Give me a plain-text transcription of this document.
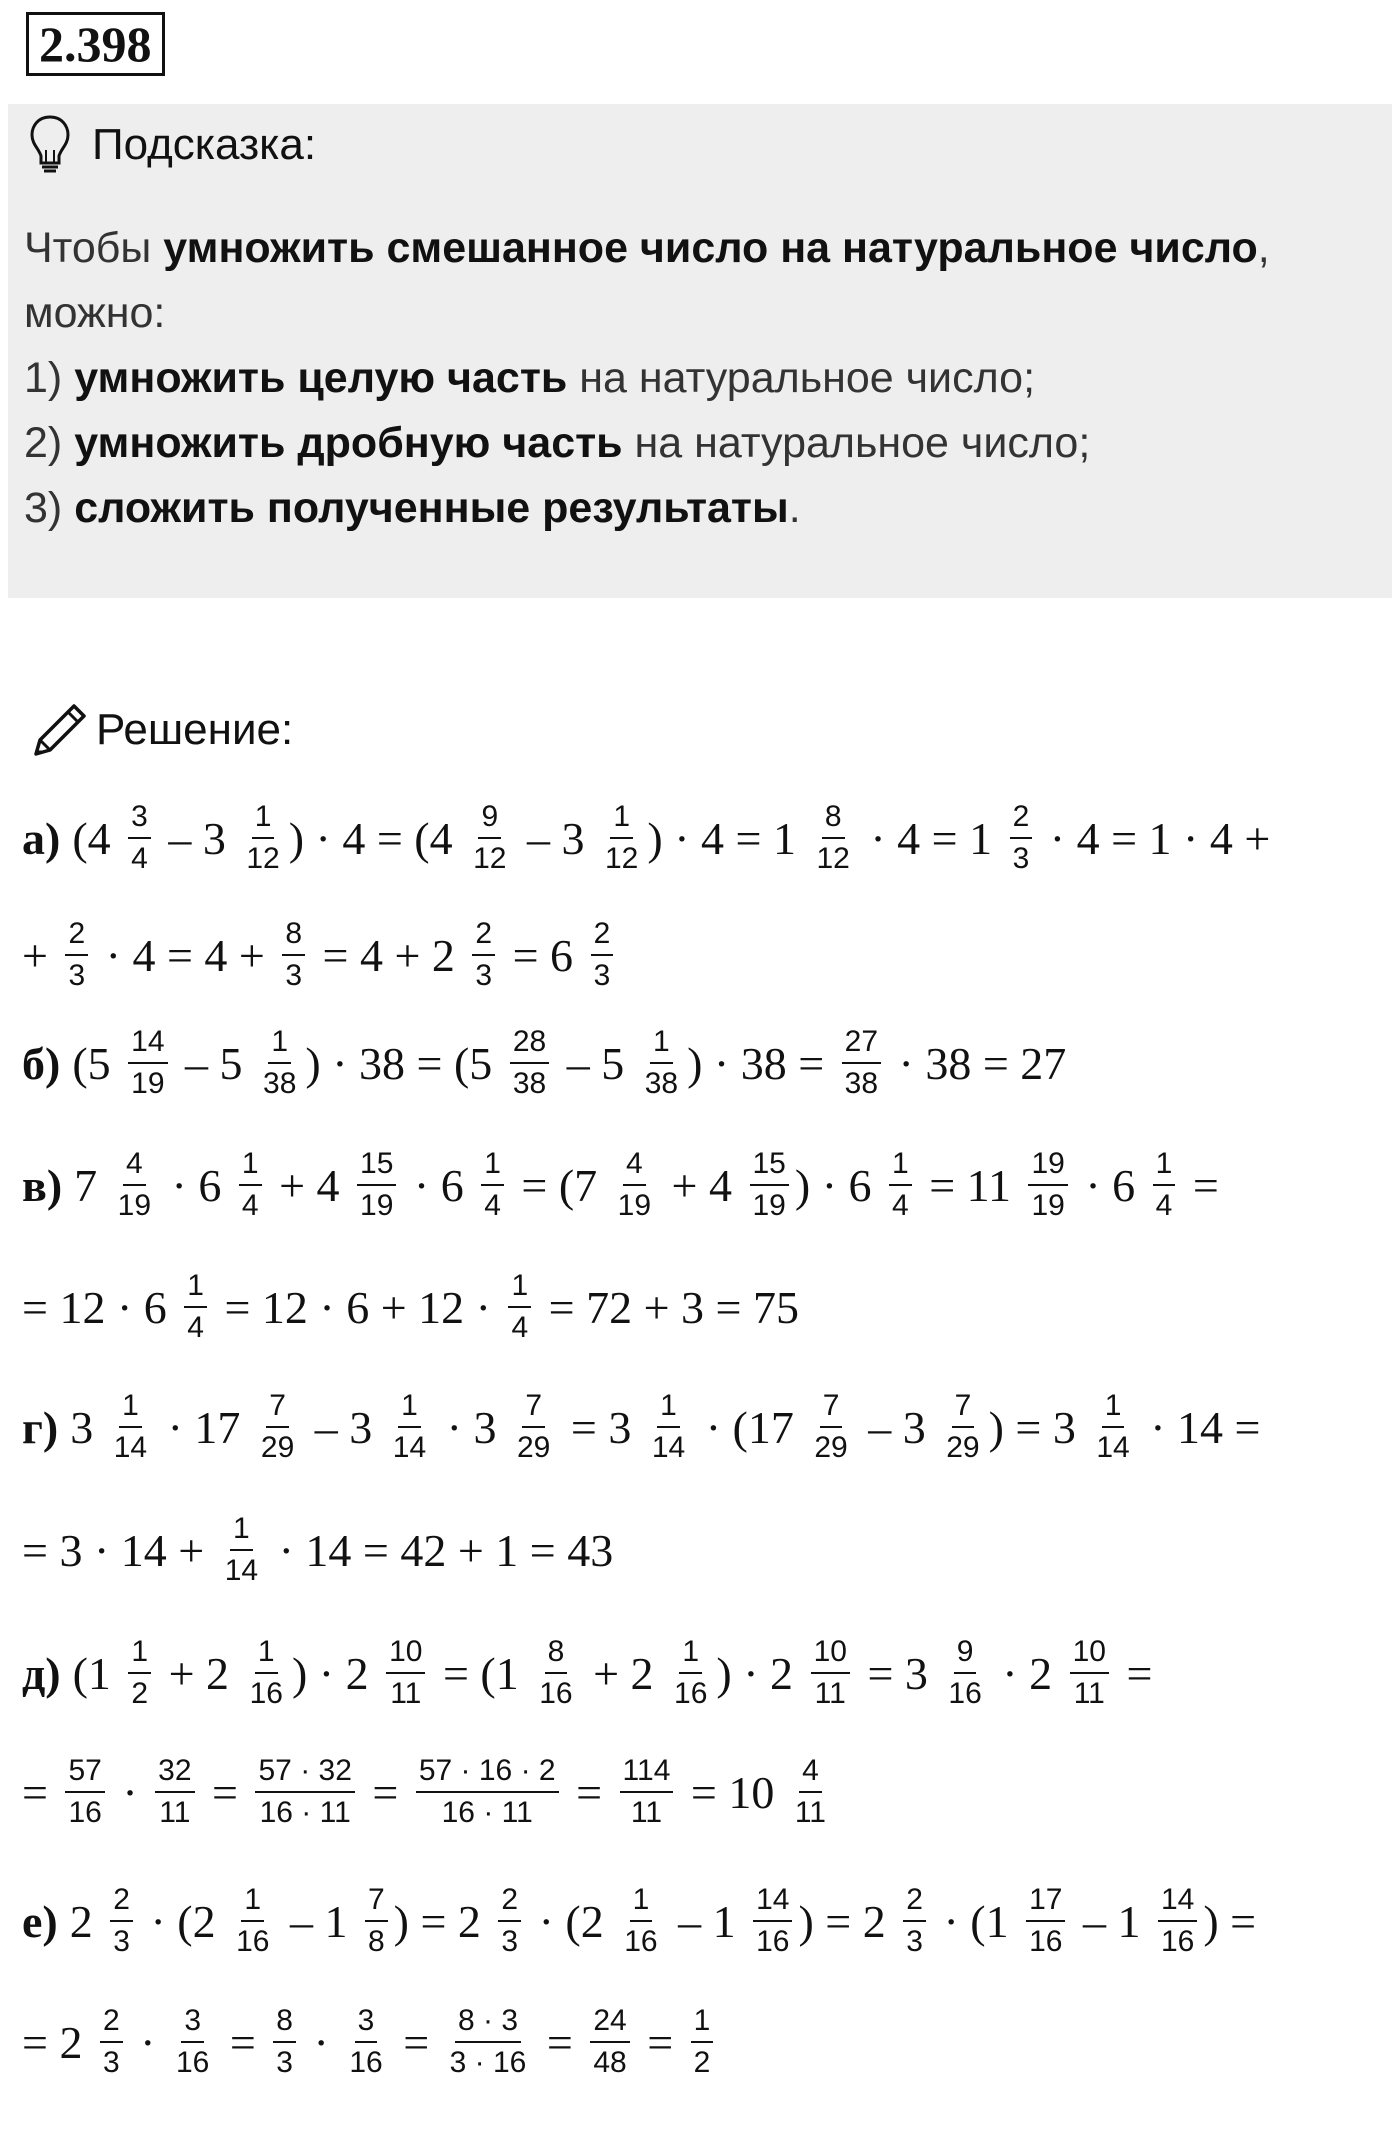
2.398
Подсказка:
Чтобы умножить смешанное число на натуральное число,
можно:
1) умножить целую часть на натуральное число;
2) умножить дробную часть на натуральное число;
3) сложить полученные результаты.
Решение:
а) ($4 \frac{3}{4} - 3 \frac{1}{12}$ ) · $4 = (4 \frac{9}{12} - 3 \frac{1}{12}$ ) · $4 = 1 \frac{8}{12} \cdot 4 = 1 \frac{2}{3} \cdot 4 = 1 \cdot 4$ +
+ $\frac{2}{3} \cdot 4 = 4 + \frac{8}{3} = 4 + 2 \frac{2}{3} = 6 \frac{2}{3}$
б) ($5 \frac{14}{19} - 5 \frac{1}{38}$ ) · $38 = (5 \frac{28}{38} - 5 \frac{1}{38}$ ) · $38 = \frac{27}{38} \cdot 38 = 27$
в) $7 \frac{4}{19} \cdot 6 \frac{1}{4} + 4 \frac{15}{19} \cdot 6 \frac{1}{4} = (7 \frac{4}{19} + 4 \frac{15}{19}$ ) · $6 \frac{1}{4} = 11 \frac{19}{19} \cdot 6 \frac{1}{4}$ =
= $12 \cdot 6 \frac{1}{4} = 12 \cdot 6 + 12 \cdot \frac{1}{4} = 72 + 3 = 75$
г) $3 \frac{1}{14} \cdot 17 \frac{7}{29} - 3 \frac{1}{14} \cdot 3 \frac{7}{29} = 3 \frac{1}{14} \cdot (17 \frac{7}{29} - 3 \frac{7}{29}$ ) = $3 \frac{1}{14} \cdot 14$ =
= $3 \cdot 14 + \frac{1}{14} \cdot 14 = 42 + 1 = 43$
д) ($1 \frac{1}{2} + 2 \frac{1}{16}$ ) · $2 \frac{10}{11} = (1 \frac{8}{16} + 2 \frac{1}{16}$ ) · $2 \frac{10}{11} = 3 \frac{9}{16} \cdot 2 \frac{10}{11}$ =
= $\frac{57}{16} \cdot \frac{32}{11} = \frac{57 \cdot 32}{16 \cdot 11} = \frac{57 \cdot 16 \cdot 2}{16 \cdot 11} = \frac{114}{11} = 10 \frac{4}{11}$
е) $2 \frac{2}{3} \cdot (2 \frac{1}{16} - 1 \frac{7}{8}$ ) = $2 \frac{2}{3} \cdot (2 \frac{1}{16} - 1 \frac{14}{16}$ ) = $2 \frac{2}{3} \cdot (1 \frac{17}{16} - 1 \frac{14}{16}$ ) =
= $2 \frac{2}{3} \cdot \frac{3}{16} = \frac{8}{3} \cdot \frac{3}{16} = \frac{8 \cdot 3}{3 \cdot 16} = \frac{24}{48} = \frac{1}{2}$
